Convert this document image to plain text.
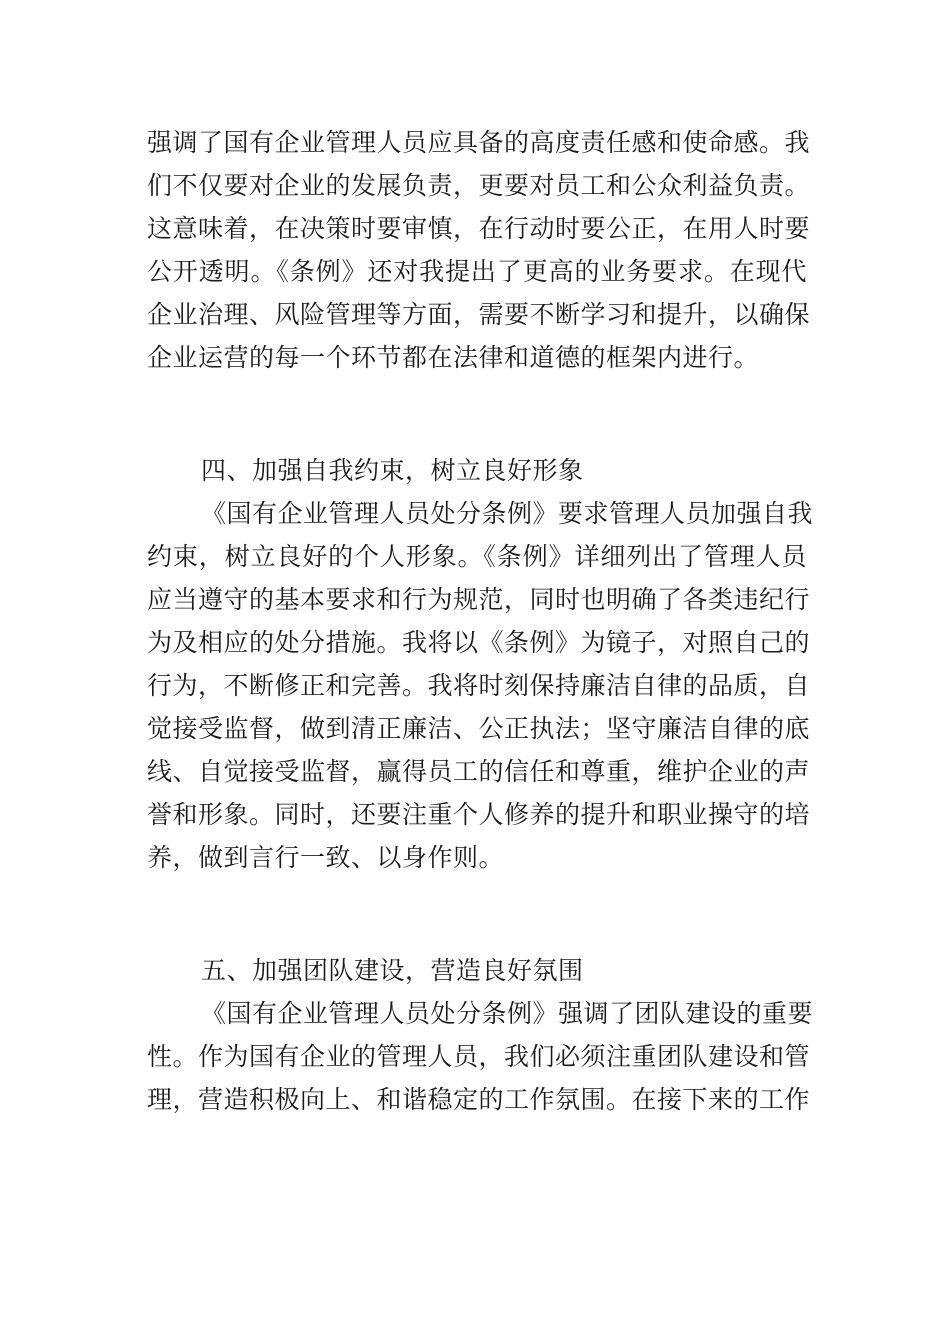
强调了国有企业管理人员应具备的高度责任感和使命感。我
们不仅要对企业的发展负责，更要对员工和公众利益负责。
这意味着，在决策时要审慎，在行动时要公正，在用人时要
公开透明。《条例》还对我提出了更高的业务要求。在现代
企业治理、风险管理等方面，需要不断学习和提升，以确保
企业运营的每一个环节都在法律和道德的框架内进行。

四、加强自我约束，树立良好形象

《国有企业管理人员处分条例》要求管理人员加强自我
约束，树立良好的个人形象。《条例》详细列出了管理人员
应当遵守的基本要求和行为规范，同时也明确了各类违纪行
为及相应的处分措施。我将以《条例》为镜子，对照自己的
行为，不断修正和完善。我将时刻保持廉洁自律的品质，自
觉接受监督，做到清正廉洁、公正执法；坚守廉洁自律的底
线、自觉接受监督，赢得员工的信任和尊重，维护企业的声
誉和形象。同时，还要注重个人修养的提升和职业操守的培
养，做到言行一致、以身作则。

五、加强团队建设，营造良好氛围

《国有企业管理人员处分条例》强调了团队建设的重要
性。作为国有企业的管理人员，我们必须注重团队建设和管
理，营造积极向上、和谐稳定的工作氛围。在接下来的工作
